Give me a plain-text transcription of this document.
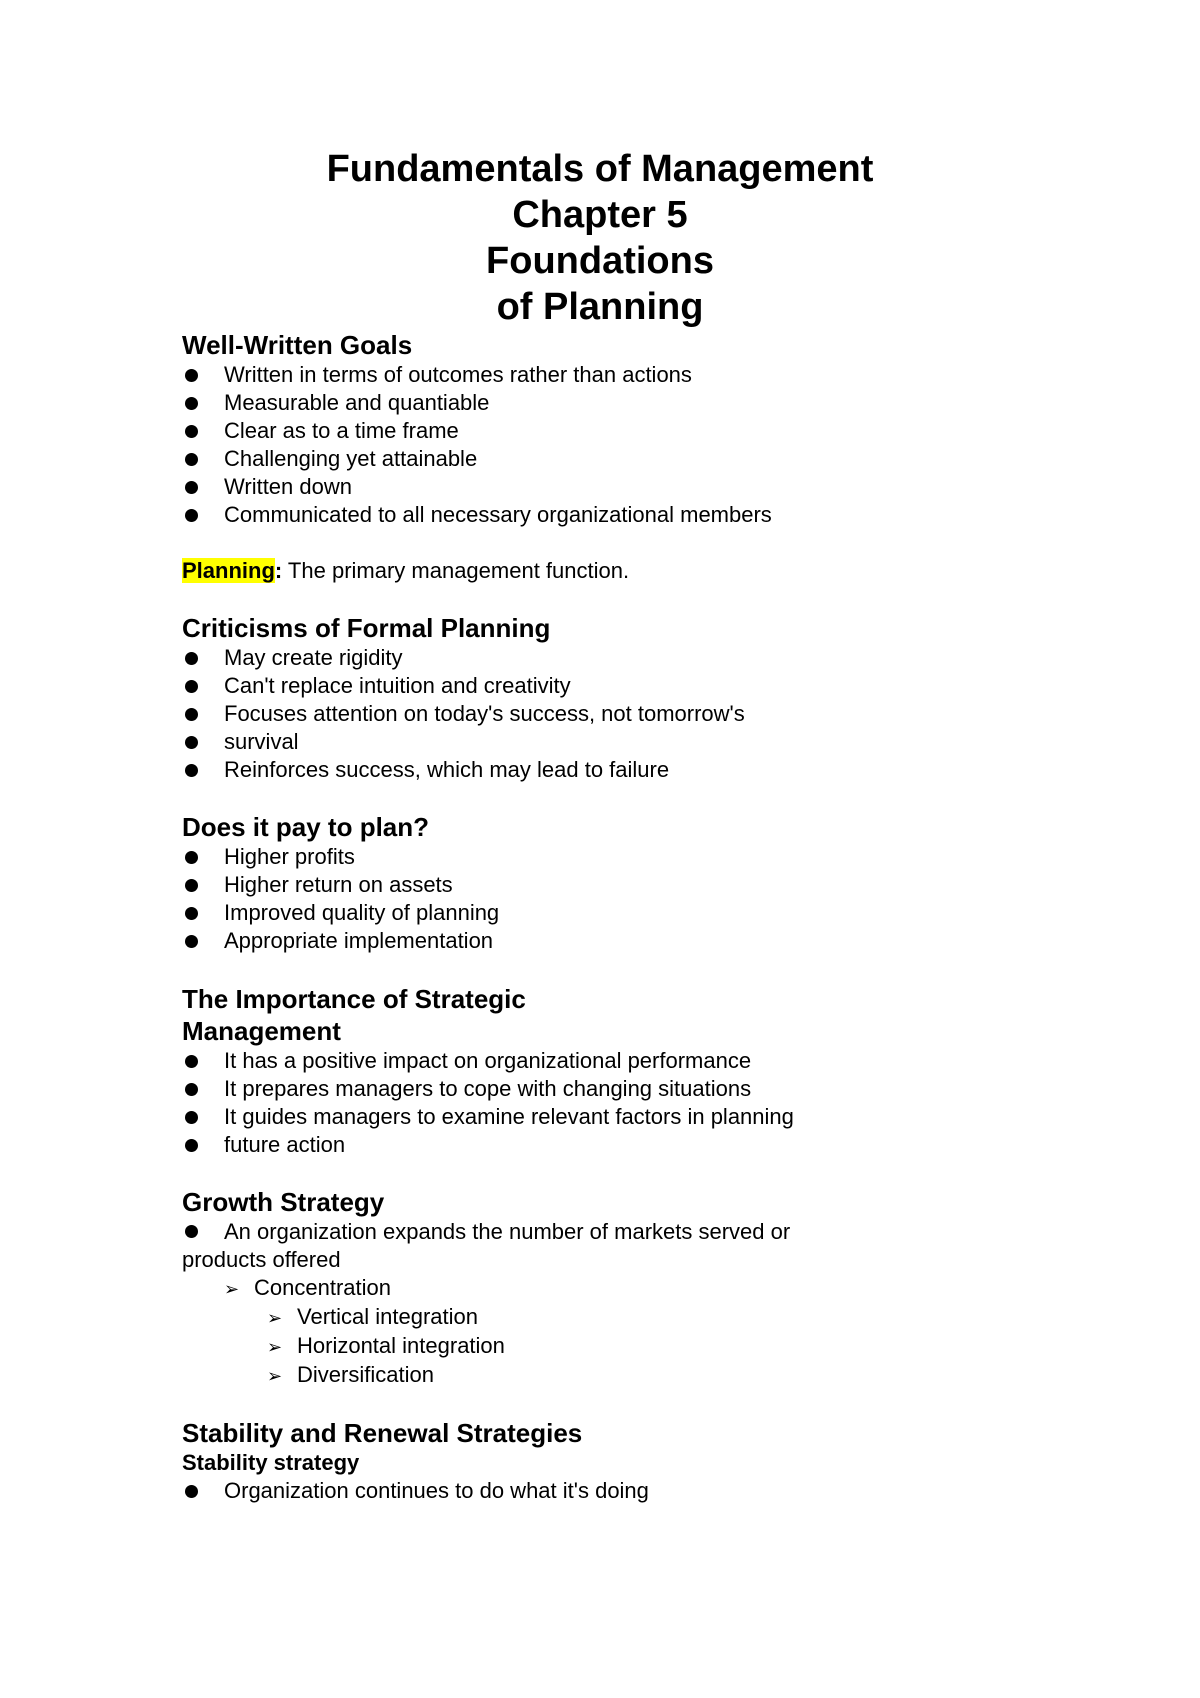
Fundamentals of Management
Chapter 5
Foundations
of Planning
Well-Written Goals
Written in terms of outcomes rather than actions
Measurable and quantiable
Clear as to a time frame
Challenging yet attainable
Written down
Communicated to all necessary organizational members
Planning: The primary management function.
Criticisms of Formal Planning
May create rigidity
Can't replace intuition and creativity
Focuses attention on today's success, not tomorrow's
survival
Reinforces success, which may lead to failure
Does it pay to plan?
Higher profits
Higher return on assets
Improved quality of planning
Appropriate implementation
The Importance of Strategic
Management
It has a positive impact on organizational performance
It prepares managers to cope with changing situations
It guides managers to examine relevant factors in planning
future action
Growth Strategy
An organization expands the number of markets served or
products offered
➢ Concentration
➢ Vertical integration
➢ Horizontal integration
➢ Diversification
Stability and Renewal Strategies
Stability strategy
Organization continues to do what it's doing
